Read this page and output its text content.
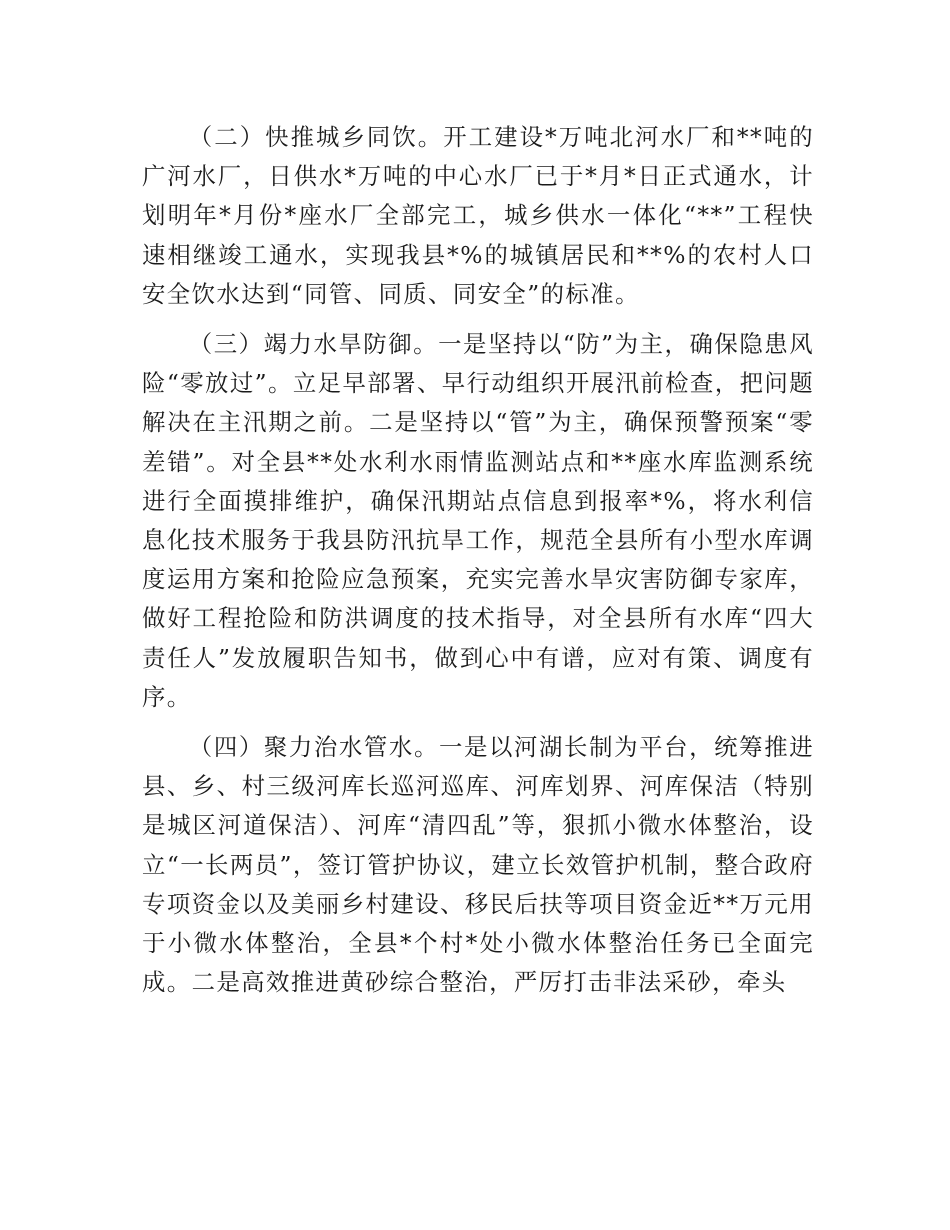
（二）快推城乡同饮。开工建设*万吨北河水厂和**吨的广河水厂，日供水*万吨的中心水厂已于*月*日正式通水，计划明年*月份*座水厂全部完工，城乡供水一体化“**”工程快速相继竣工通水，实现我县*%的城镇居民和**%的农村人口安全饮水达到“同管、同质、同安全”的标准。

（三）竭力水旱防御。一是坚持以“防”为主，确保隐患风险“零放过”。立足早部署、早行动组织开展汛前检查，把问题解决在主汛期之前。二是坚持以“管”为主，确保预警预案“零差错”。对全县**处水利水雨情监测站点和**座水库监测系统进行全面摸排维护，确保汛期站点信息到报率*%，将水利信息化技术服务于我县防汛抗旱工作，规范全县所有小型水库调度运用方案和抢险应急预案，充实完善水旱灾害防御专家库，做好工程抢险和防洪调度的技术指导，对全县所有水库“四大责任人”发放履职告知书，做到心中有谱，应对有策、调度有序。

（四）聚力治水管水。一是以河湖长制为平台，统筹推进县、乡、村三级河库长巡河巡库、河库划界、河库保洁（特别是城区河道保洁）、河库“清四乱”等，狠抓小微水体整治，设立“一长两员”，签订管护协议，建立长效管护机制，整合政府专项资金以及美丽乡村建设、移民后扶等项目资金近**万元用于小微水体整治，全县*个村*处小微水体整治任务已全面完成。二是高效推进黄砂综合整治，严厉打击非法采砂，牵头
